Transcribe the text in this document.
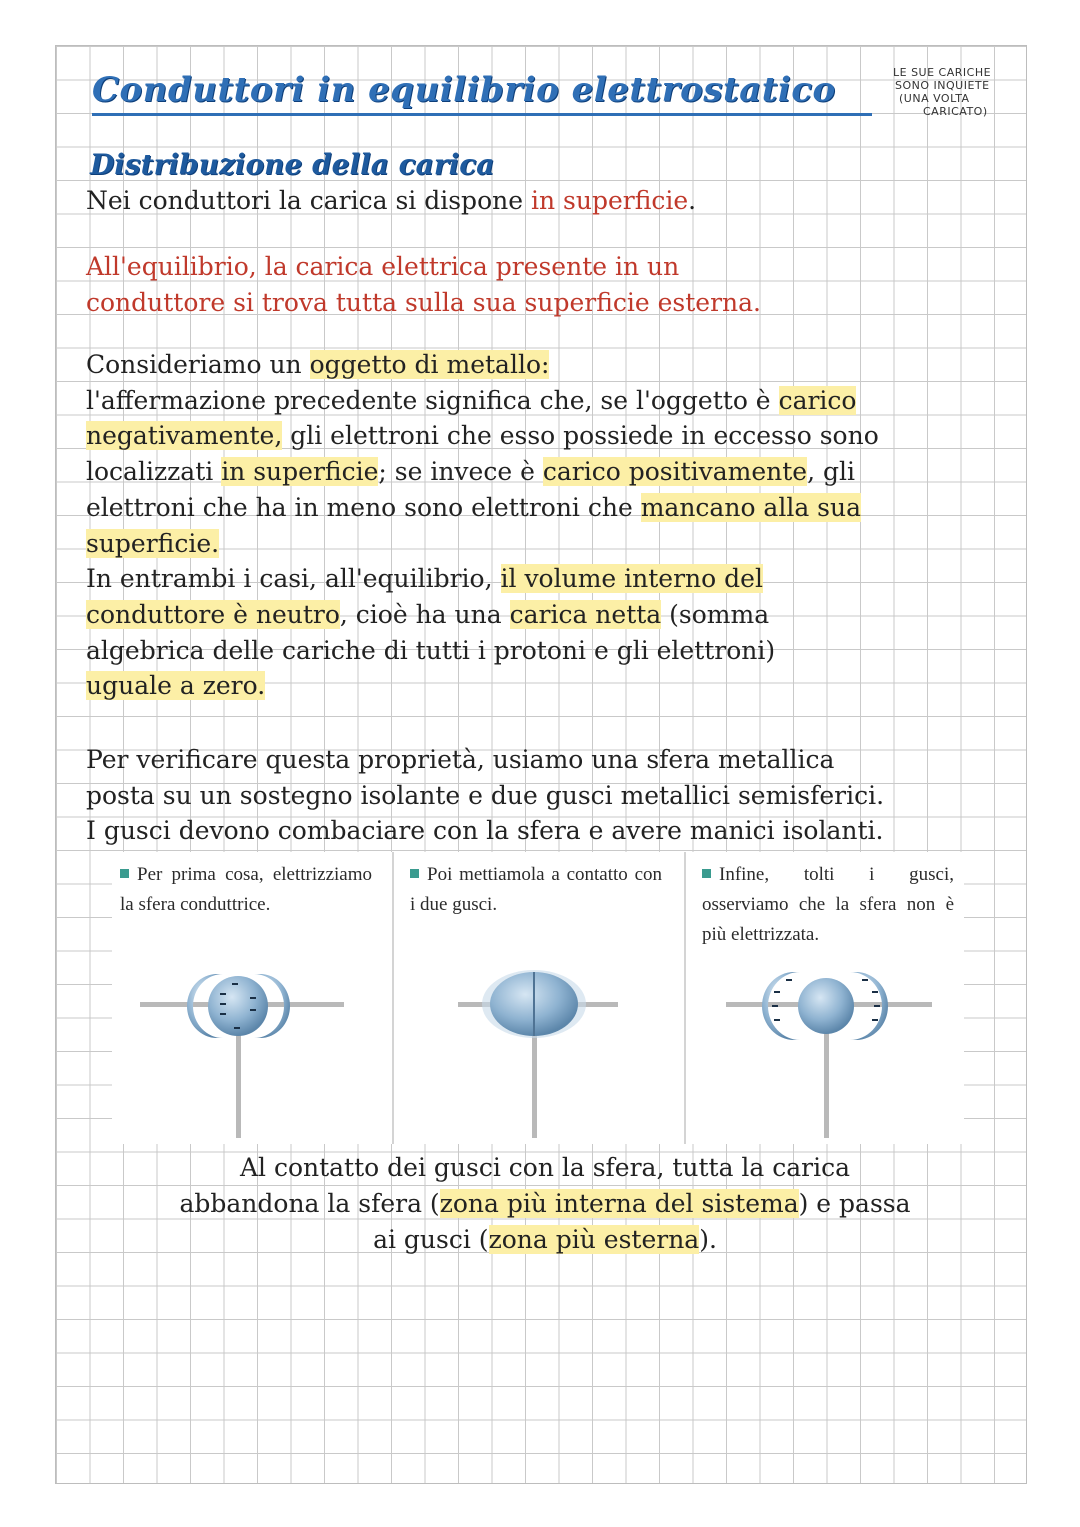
Conduttori in equilibrio elettrostatico	LE SUE CARICHE
SONO INQUIETE
(UNA VOLTA
CARICATO)
Distribuzione della carica

Nei conduttori la carica si dispone in superficie.

All'equilibrio, la carica elettrica presente in un
conduttore si trova tutta sulla sua superficie esterna.

Consideriamo un oggetto di metallo:
l'affermazione precedente significa che, se l'oggetto è carico
negativamente, gli elettroni che esso possiede in eccesso sono
localizzati in superficie; se invece è carico positivamente, gli
elettroni che ha in meno sono elettroni che mancano alla sua
superficie.
In entrambi i casi, all'equilibrio, il volume interno del
conduttore è neutro, cioè ha una carica netta (somma
algebrica delle cariche di tutti i protoni e gli elettroni)
uguale a zero.

Per verificare questa proprietà, usiamo una sfera metallica
posta su un sostegno isolante e due gusci metallici semisferici.
I gusci devono combaciare con la sfera e avere manici isolanti.

Per prima cosa, elettrizziamo la sfera conduttrice.
Poi mettiamola a contatto con i due gusci.
Infine, tolti i gusci, osserviamo che la sfera non è più elettrizzata.

Al contatto dei gusci con la sfera, tutta la carica
abbandona la sfera (zona più interna del sistema) e passa
ai gusci (zona più esterna).
